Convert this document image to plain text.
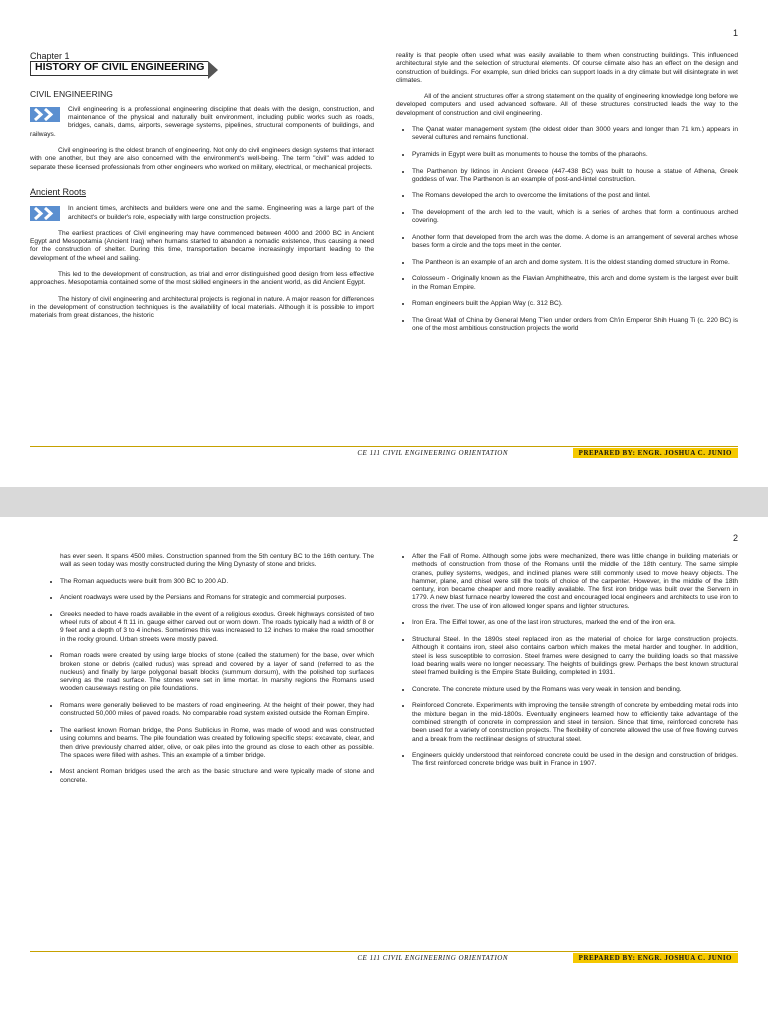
1
Chapter 1
HISTORY OF CIVIL ENGINEERING
CIVIL ENGINEERING

Civil engineering is a professional engineering discipline that deals with the design, construction, and maintenance of the physical and naturally built environment, including public works such as roads, bridges, canals, dams, airports, sewerage systems, pipelines, structural components of buildings, and railways.

Civil engineering is the oldest branch of engineering. Not only do civil engineers design systems that interact with one another, but they are also concerned with the environment's well-being. The term "civil" was added to separate these licensed professionals from other engineers who worked on military, electrical, or mechanical projects.

Ancient Roots

In ancient times, architects and builders were one and the same. Engineering was a large part of the architect's or builder's role, especially with large construction projects.

The earliest practices of Civil engineering may have commenced between 4000 and 2000 BC in Ancient Egypt and Mesopotamia (Ancient Iraq) when humans started to abandon a nomadic existence, thus causing a need for the construction of shelter. During this time, transportation became increasingly important leading to the development of the wheel and sailing.

This led to the development of construction, as trial and error distinguished good design from less effective approaches. Mesopotamia contained some of the most skilled engineers in the ancient world, as did Ancient Egypt.

The history of civil engineering and architectural projects is regional in nature. A major reason for differences in the development of construction techniques is the availability of local materials. Although it is possible to import materials from great distances, the historic

reality is that people often used what was easily available to them when constructing buildings. This influenced architectural style and the selection of structural elements. Of course climate also has an effect on the design and construction of buildings. For example, sun dried bricks can support loads in a dry climate but will disintegrate in wet climates.

All of the ancient structures offer a strong statement on the quality of engineering knowledge long before we developed computers and used advanced software. All of these structures constructed leads the way to the development of construction and civil engineering.

• The Qanat water management system (the oldest older than 3000 years and longer than 71 km.) appears in several cultures and remains functional.
• Pyramids in Egypt were built as monuments to house the tombs of the pharaohs.
• The Parthenon by Iktinos in Ancient Greece (447-438 BC) was built to house a statue of Athena, Greek goddess of war. The Parthenon is an example of post-and-lintel construction.
• The Romans developed the arch to overcome the limitations of the post and lintel.
• The development of the arch led to the vault, which is a series of arches that form a continuous arched covering.
• Another form that developed from the arch was the dome. A dome is an arrangement of several arches whose bases form a circle and the tops meet in the center.
• The Pantheon is an example of an arch and dome system. It is the oldest standing domed structure in Rome.
• Colosseum - Originally known as the Flavian Amphitheatre, this arch and dome system is the largest ever built in the Roman Empire.
• Roman engineers built the Appian Way (c. 312 BC).
• The Great Wall of China by General Meng T'ien under orders from Ch'in Emperor Shih Huang Ti (c. 220 BC) is one of the most ambitious construction projects the world
CE 111 CIVIL ENGINEERING ORIENTATION	PREPARED BY: ENGR. JOSHUA C. JUNIO
2

has ever seen. It spans 4500 miles. Construction spanned from the 5th century BC to the 16th century. The wall as seen today was mostly constructed during the Ming Dynasty of stone and bricks.

• The Roman aqueducts were built from 300 BC to 200 AD.
• Ancient roadways were used by the Persians and Romans for strategic and commercial purposes.
• Greeks needed to have roads available in the event of a religious exodus. Greek highways consisted of two wheel ruts of about 4 ft 11 in. gauge either carved out or worn down. The roads typically had a width of 8 or 9 feet and a depth of 3 to 4 inches. Sometimes this was increased to 12 inches to make the road smoother in the rocky ground. Urban streets were mostly paved.
• Roman roads were created by using large blocks of stone (called the statumen) for the base, over which broken stone or debris (called rudus) was spread and covered by a layer of sand (referred to as the nucleus) and finally by large polygonal basalt blocks (summum dorsum), with the polished top surfaces serving as the road surface. The stones were set in lime mortar. In marshy regions the Romans used wooden causeways resting on pile foundations.
• Romans were generally believed to be masters of road engineering. At the height of their power, they had constructed 50,000 miles of paved roads. No comparable road system existed outside the Roman Empire.
• The earliest known Roman bridge, the Pons Sublicius in Rome, was made of wood and was constructed using columns and beams. The pile foundation was created by following specific steps: excavate, clear, and then drive previously charred alder, olive, or oak piles into the ground as close to each other as possible. The spaces were filled with ashes. This an example of a timber bridge.
• Most ancient Roman bridges used the arch as the basic structure and were typically made of stone and concrete.
• After the Fall of Rome. Although some jobs were mechanized, there was little change in building materials or methods of construction from those of the Romans until the middle of the 18th century. The same simple cranes, pulley systems, wedges, and inclined planes were still commonly used to move heavy objects. The hammer, plane, and chisel were still the tools of choice of the carpenter. However, in the middle of the 18th century, iron became cheaper and more readily available. The first iron bridge was built over the Servern in 1779. A new blast furnace nearby lowered the cost and encouraged local engineers and architects to use iron to cross the river. The use of iron allowed longer spans and lighter structures.
• Iron Era. The Eiffel tower, as one of the last iron structures, marked the end of the iron era.
• Structural Steel. In the 1890s steel replaced iron as the material of choice for large construction projects. Although it contains iron, steel also contains carbon which makes the metal harder and tougher. In addition, steel is less susceptible to corrosion. Steel frames were designed to carry the building loads so that massive load bearing walls were no longer necessary. The heights of buildings grew. Perhaps the best known structural steel framed building is the Empire State Building, completed in 1931.
• Concrete. The concrete mixture used by the Romans was very weak in tension and bending.
• Reinforced Concrete. Experiments with improving the tensile strength of concrete by embedding metal rods into the mixture began in the mid-1800s. Eventually engineers learned how to efficiently take advantage of the combined strength of concrete in compression and steel in tension. Since that time, reinforced concrete has been used for a variety of construction projects. The flexibility of concrete allowed the use of free flowing curves and a break from the rectilinear designs of structural steel.
• Engineers quickly understood that reinforced concrete could be used in the design and construction of bridges. The first reinforced concrete bridge was built in France in 1907.
CE 111 CIVIL ENGINEERING ORIENTATION	PREPARED BY: ENGR. JOSHUA C. JUNIO
